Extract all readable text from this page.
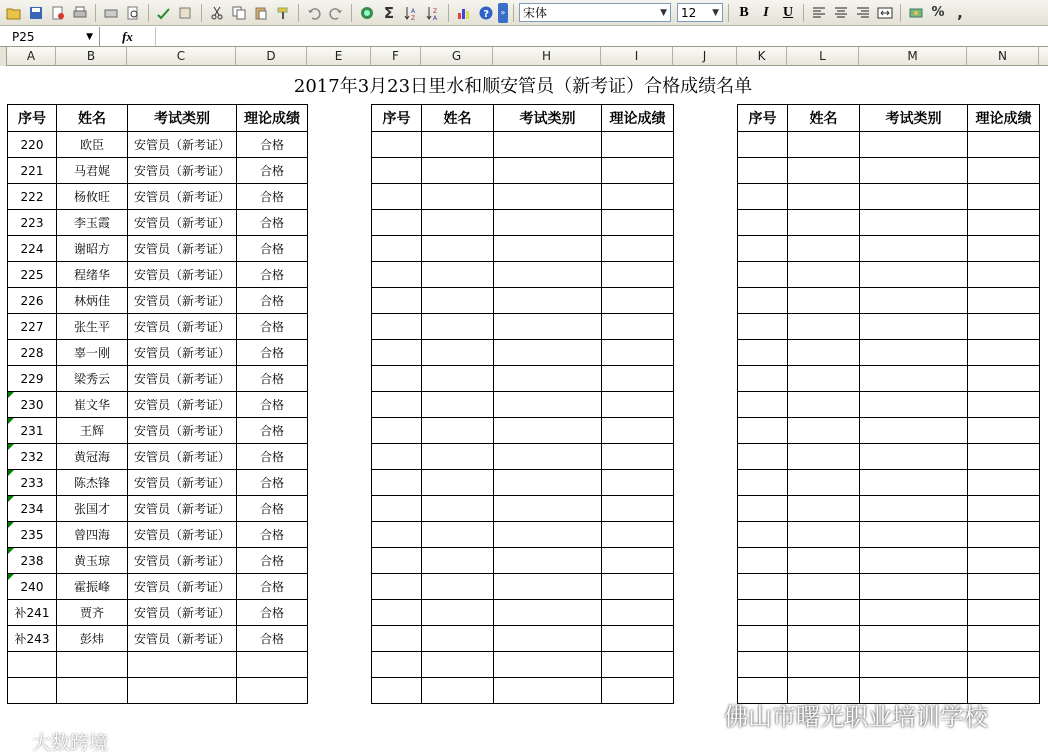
Σ	A
Z
Z
A	?	» 宋体	▼ 12 ▼	B	I	U	% ,
P25	▼	fx
A	B	C	D	E	F	G	H	I	J	K	L	M	N
2017年3月23日里水和顺安管员（新考证）合格成绩名单
序号	姓名	考试类别	理论成绩
220	欧臣	安管员（新考证）	合格
221	马君娓	安管员（新考证）	合格
222	杨攸旺	安管员（新考证）	合格
223	李玉霞	安管员（新考证）	合格
224	谢昭方	安管员（新考证）	合格
225	程绪华	安管员（新考证）	合格
226	林炳佳	安管员（新考证）	合格
227	张生平	安管员（新考证）	合格
228	辜一刚	安管员（新考证）	合格
229	梁秀云	安管员（新考证）	合格
230	崔文华	安管员（新考证）	合格
231	王辉	安管员（新考证）	合格
232	黄冠海	安管员（新考证）	合格
233	陈杰锋	安管员（新考证）	合格
234	张国才	安管员（新考证）	合格
235	曾四海	安管员（新考证）	合格
238	黄玉琼	安管员（新考证）	合格
240	霍振峰	安管员（新考证）	合格
补241	贾齐	安管员（新考证）	合格
补243	彭炜	安管员（新考证）	合格

序号	姓名	考试类别	理论成绩

				序号	姓名	考试类别	理论成绩

佛山市曙光职业培训学校
大数跨境
